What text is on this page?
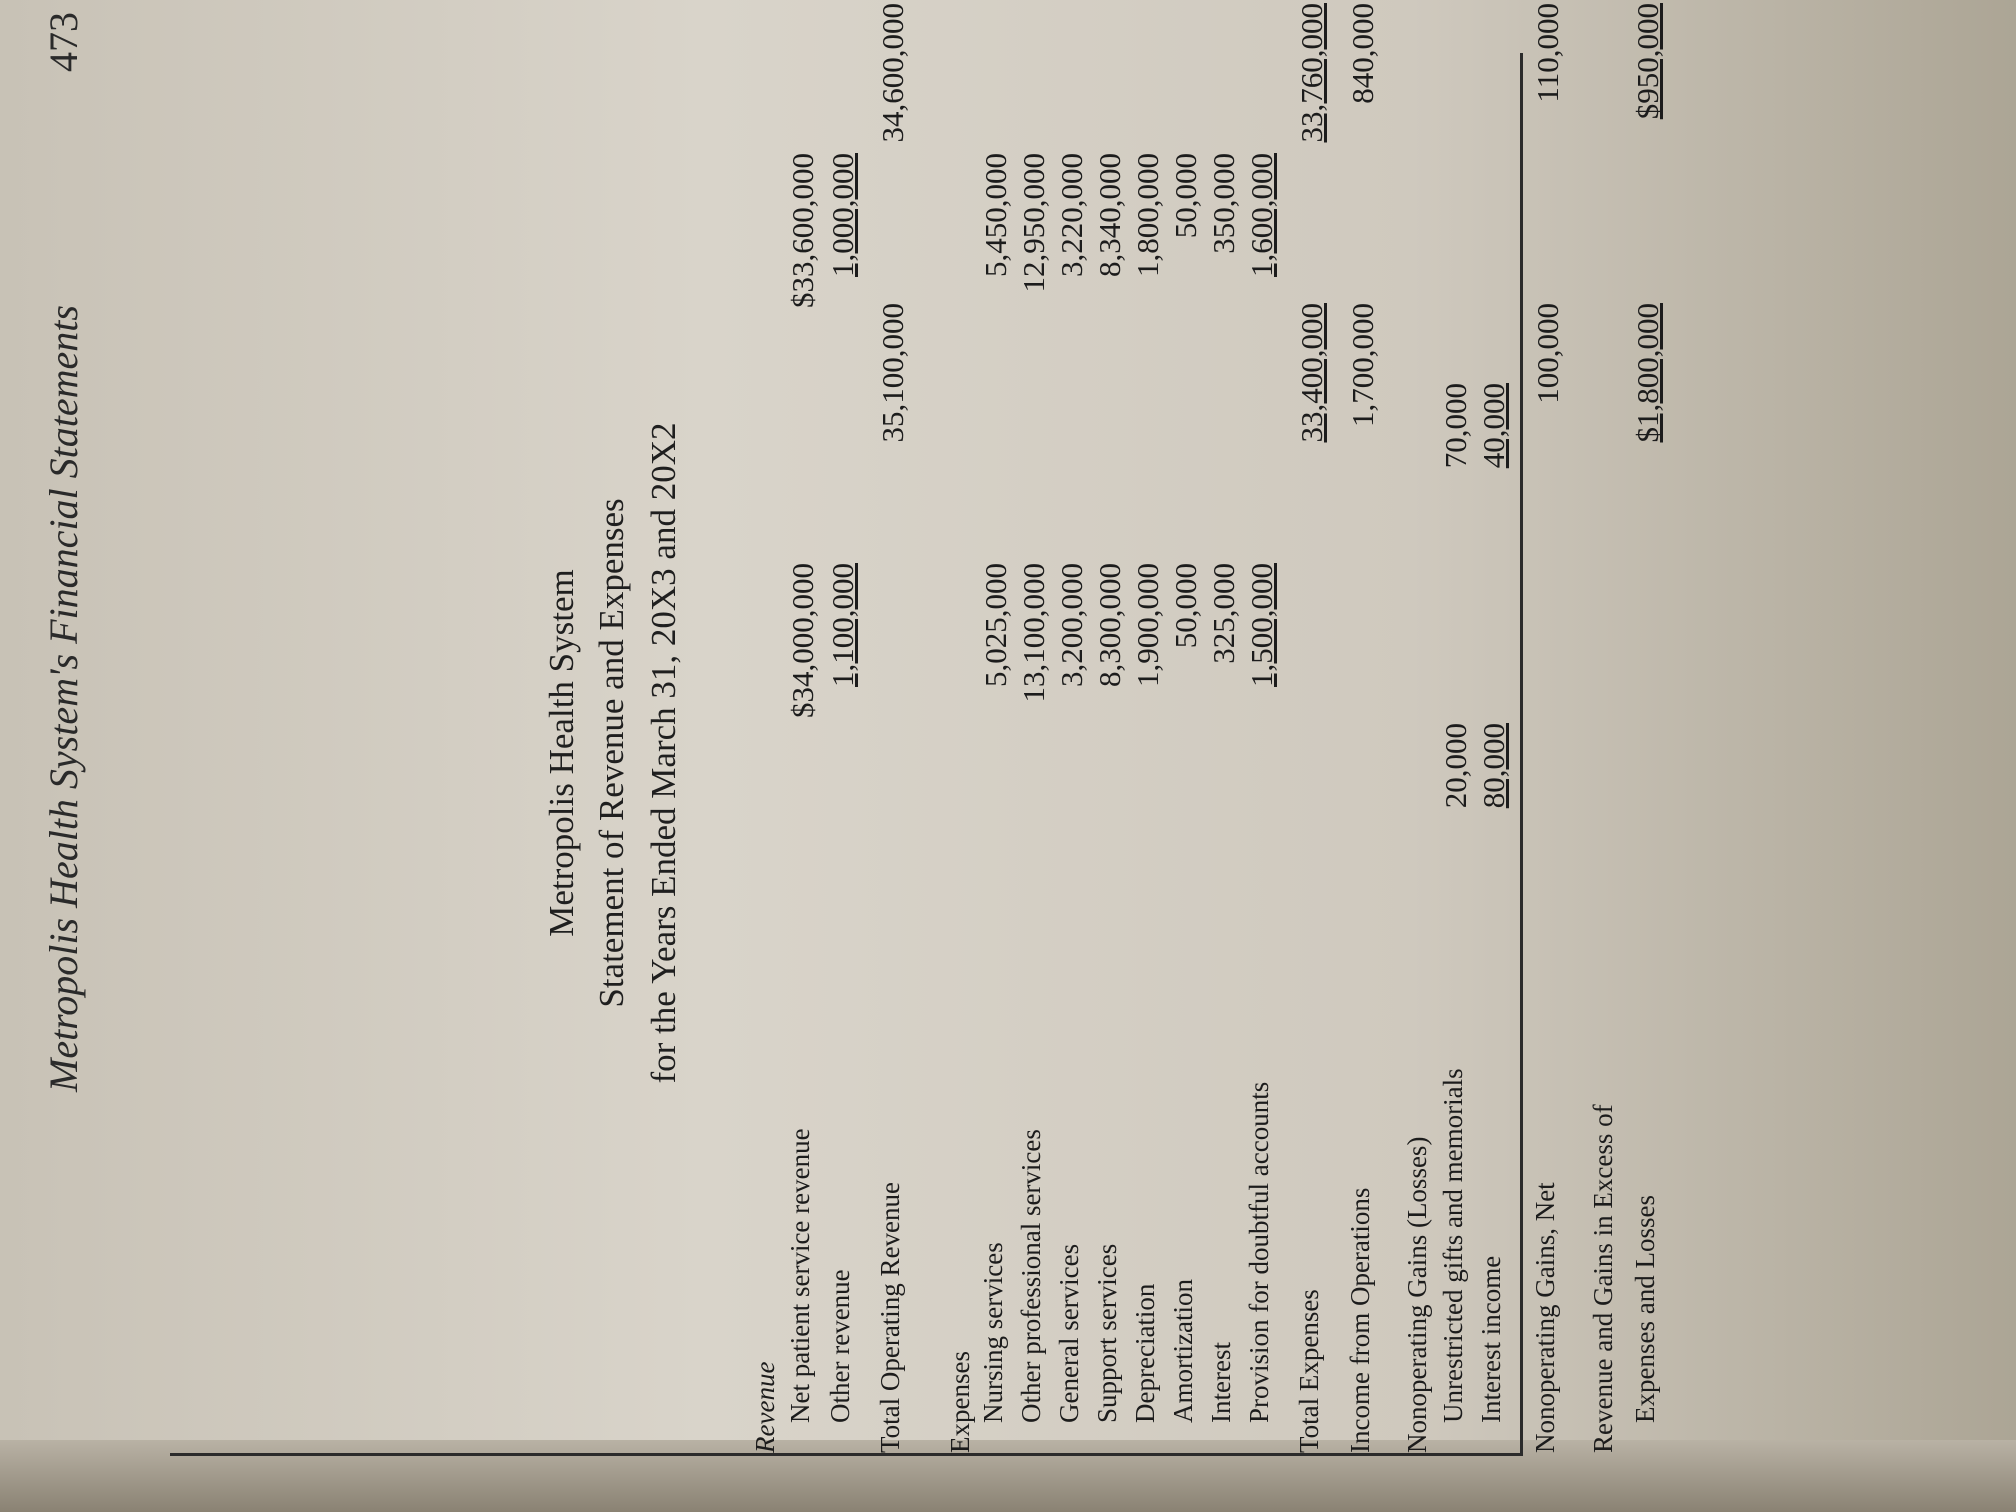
Metropolis Health System's Financial Statements
473
Metropolis Health System Statement of Revenue and Expenses for the Years Ended March 31, 20X3 and 20X2
Revenue Net patient service revenue
$34,000,000
$33,600,000
Other revenue
1,100,000
1,000,000
Total Operating Revenue
35,100,000
34,600,000
Expenses Nursing services
5,025,000
5,450,000
Other professional services
13,100,000
12,950,000
General services
3,200,000
3,220,000
Support services
8,300,000
8,340,000
Depreciation
1,900,000
1,800,000
Amortization
50,000
50,000
Interest
325,000
350,000
Provision for doubtful accounts
1,500,000
1,600,000
Total Expenses
33,400,000
33,760,000
Income from Operations
1,700,000
840,000
Nonoperating Gains (Losses) Unrestricted gifts and memorials
20,000
70,000
Interest income
80,000
40,000
Nonoperating Gains, Net
100,000
110,000
Revenue and Gains in Excess of Expenses and Losses
$1,800,000
$950,000
